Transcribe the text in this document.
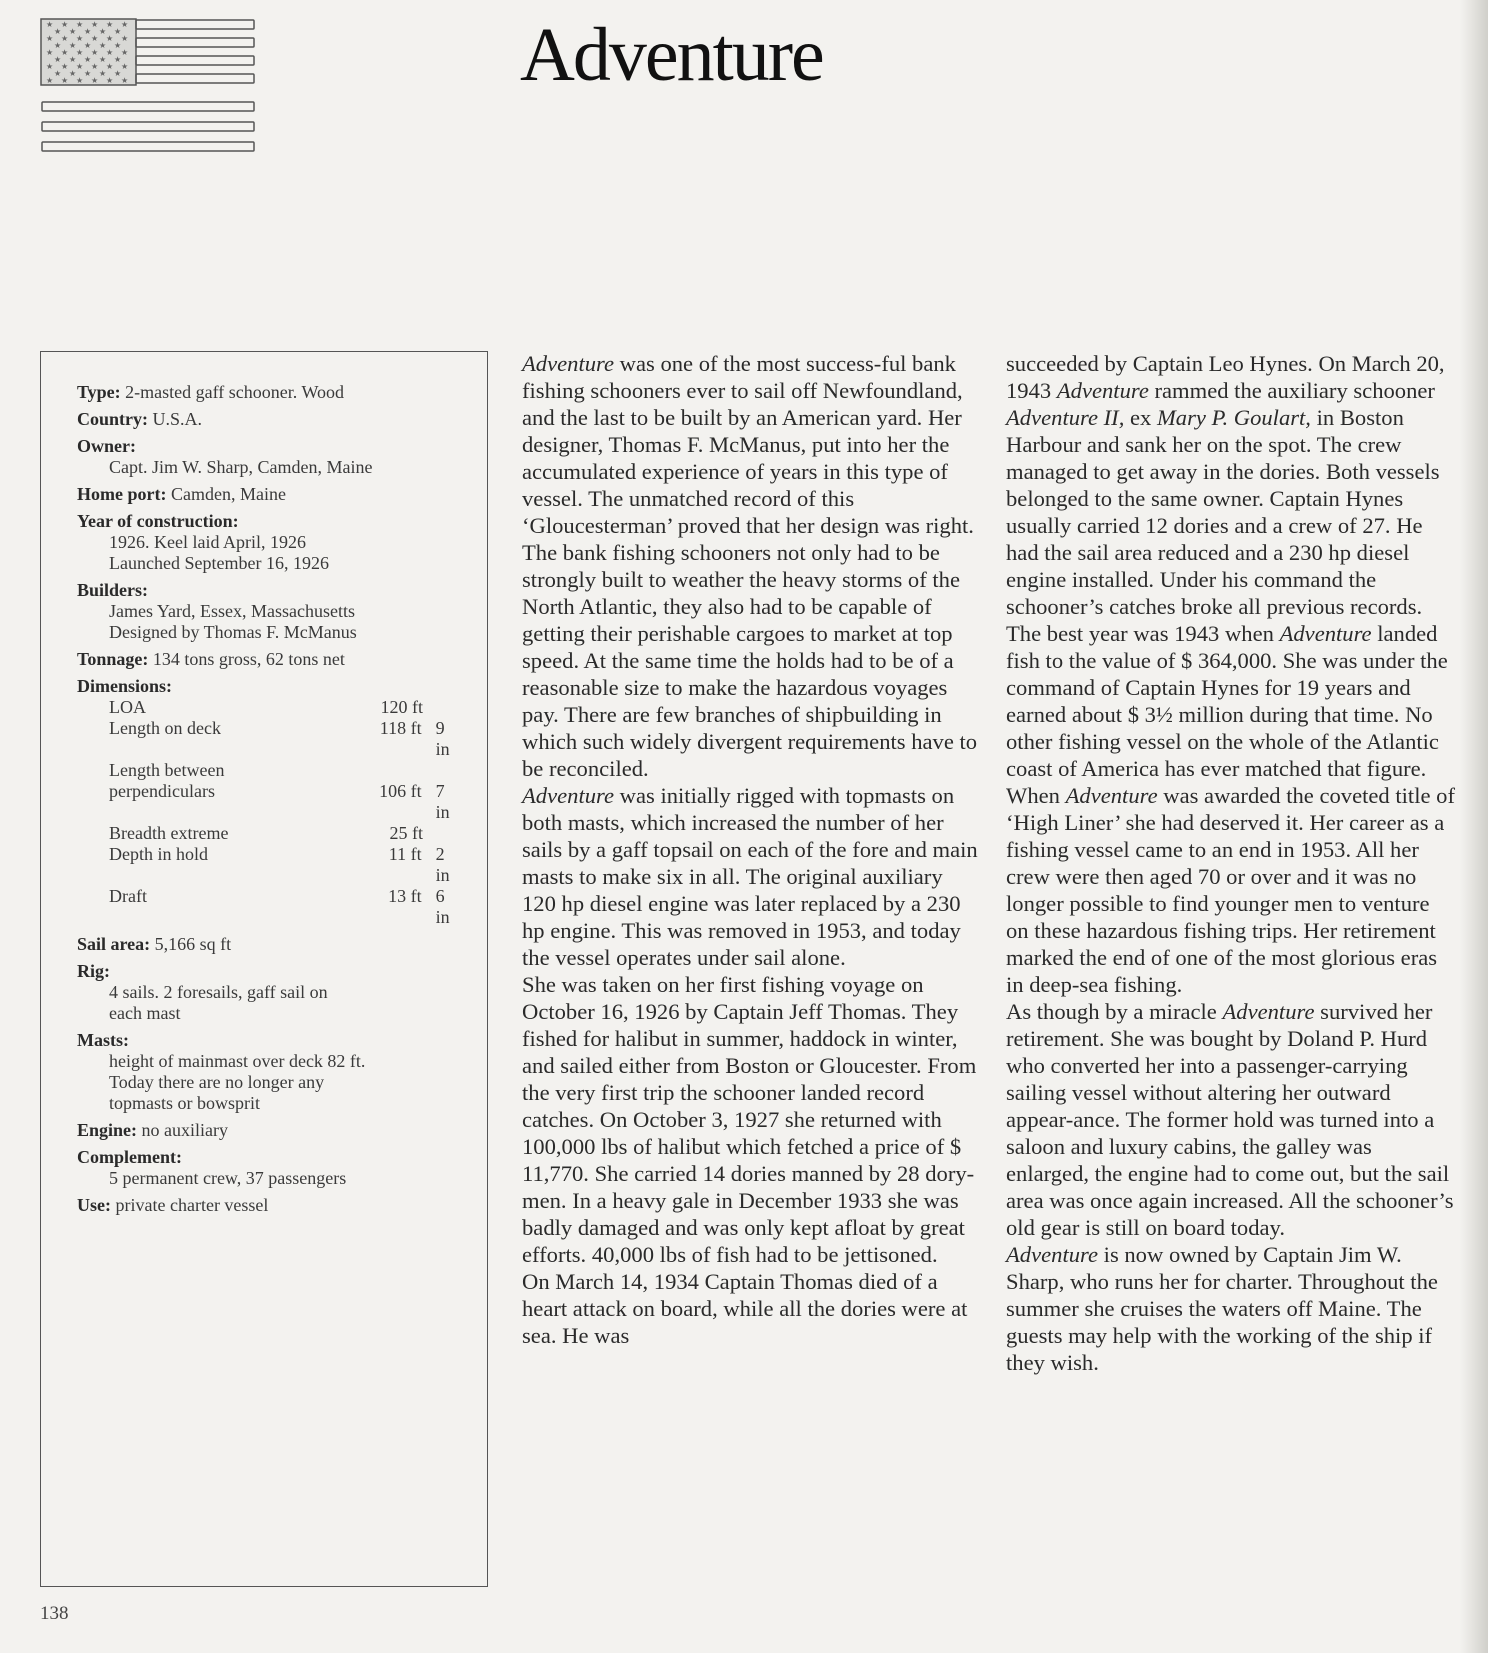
★ ★ ★ ★ ★ ★
★ ★ ★ ★ ★
★ ★ ★ ★ ★ ★
★ ★ ★ ★ ★
★ ★ ★ ★ ★ ★
★ ★ ★ ★ ★
★ ★ ★ ★ ★ ★
★ ★ ★ ★ ★
★ ★ ★ ★ ★ ★	Adventure
Type: 2-masted gaff schooner. Wood
Country: U.S.A.
Owner:
Capt. Jim W. Sharp, Camden, Maine
Home port: Camden, Maine
Year of construction:
1926. Keel laid April, 1926
Launched September 16, 1926
Builders:
James Yard, Essex, Massachusetts
Designed by Thomas F. McManus
Tonnage: 134 tons gross, 62 tons net
Dimensions:
LOA	120 ft
Length on deck	118 ft 9 in
Length between
perpendiculars	106 ft 7 in
Breadth extreme	25 ft
Depth in hold	11 ft 2 in
Draft	13 ft 6 in
Sail area: 5,166 sq ft
Rig:
4 sails. 2 foresails, gaff sail on
each mast
Masts:
height of mainmast over deck 82 ft.
Today there are no longer any
topmasts or bowsprit
Engine: no auxiliary
Complement:
5 permanent crew, 37 passengers
Use: private charter vessel

Adventure was one of the most success-ful bank fishing schooners ever to sail off Newfoundland, and the last to be built by an American yard. Her designer, Thomas F. McManus, put into her the accumulated experience of years in this type of vessel. The unmatched record of this ‘Gloucesterman’ proved that her design was right. The bank fishing schooners not only had to be strongly built to weather the heavy storms of the North Atlantic, they also had to be capable of getting their perishable cargoes to market at top speed. At the same time the holds had to be of a reasonable size to make the hazardous voyages pay. There are few branches of shipbuilding in which such widely divergent requirements have to be reconciled.

Adventure was initially rigged with topmasts on both masts, which increased the number of her sails by a gaff topsail on each of the fore and main masts to make six in all. The original auxiliary 120 hp diesel engine was later replaced by a 230 hp engine. This was removed in 1953, and today the vessel operates under sail alone.

She was taken on her first fishing voyage on October 16, 1926 by Captain Jeff Thomas. They fished for halibut in summer, haddock in winter, and sailed either from Boston or Gloucester. From the very first trip the schooner landed record catches. On October 3, 1927 she returned with 100,000 lbs of halibut which fetched a price of $ 11,770. She carried 14 dories manned by 28 dory-men. In a heavy gale in December 1933 she was badly damaged and was only kept afloat by great efforts. 40,000 lbs of fish had to be jettisoned.

On March 14, 1934 Captain Thomas died of a heart attack on board, while all the dories were at sea. He was

succeeded by Captain Leo Hynes. On March 20, 1943 Adventure rammed the auxiliary schooner Adventure II, ex Mary P. Goulart, in Boston Harbour and sank her on the spot. The crew managed to get away in the dories. Both vessels belonged to the same owner. Captain Hynes usually carried 12 dories and a crew of 27. He had the sail area reduced and a 230 hp diesel engine installed. Under his command the schooner’s catches broke all previous records. The best year was 1943 when Adventure landed fish to the value of $ 364,000. She was under the command of Captain Hynes for 19 years and earned about $ 3½ million during that time. No other fishing vessel on the whole of the Atlantic coast of America has ever matched that figure. When Adventure was awarded the coveted title of ‘High Liner’ she had deserved it. Her career as a fishing vessel came to an end in 1953. All her crew were then aged 70 or over and it was no longer possible to find younger men to venture on these hazardous fishing trips. Her retirement marked the end of one of the most glorious eras in deep-sea fishing.

As though by a miracle Adventure survived her retirement. She was bought by Doland P. Hurd who converted her into a passenger-carrying sailing vessel without altering her outward appear-ance. The former hold was turned into a saloon and luxury cabins, the galley was enlarged, the engine had to come out, but the sail area was once again increased. All the schooner’s old gear is still on board today.

Adventure is now owned by Captain Jim W. Sharp, who runs her for charter. Throughout the summer she cruises the waters off Maine. The guests may help with the working of the ship if they wish.

138
